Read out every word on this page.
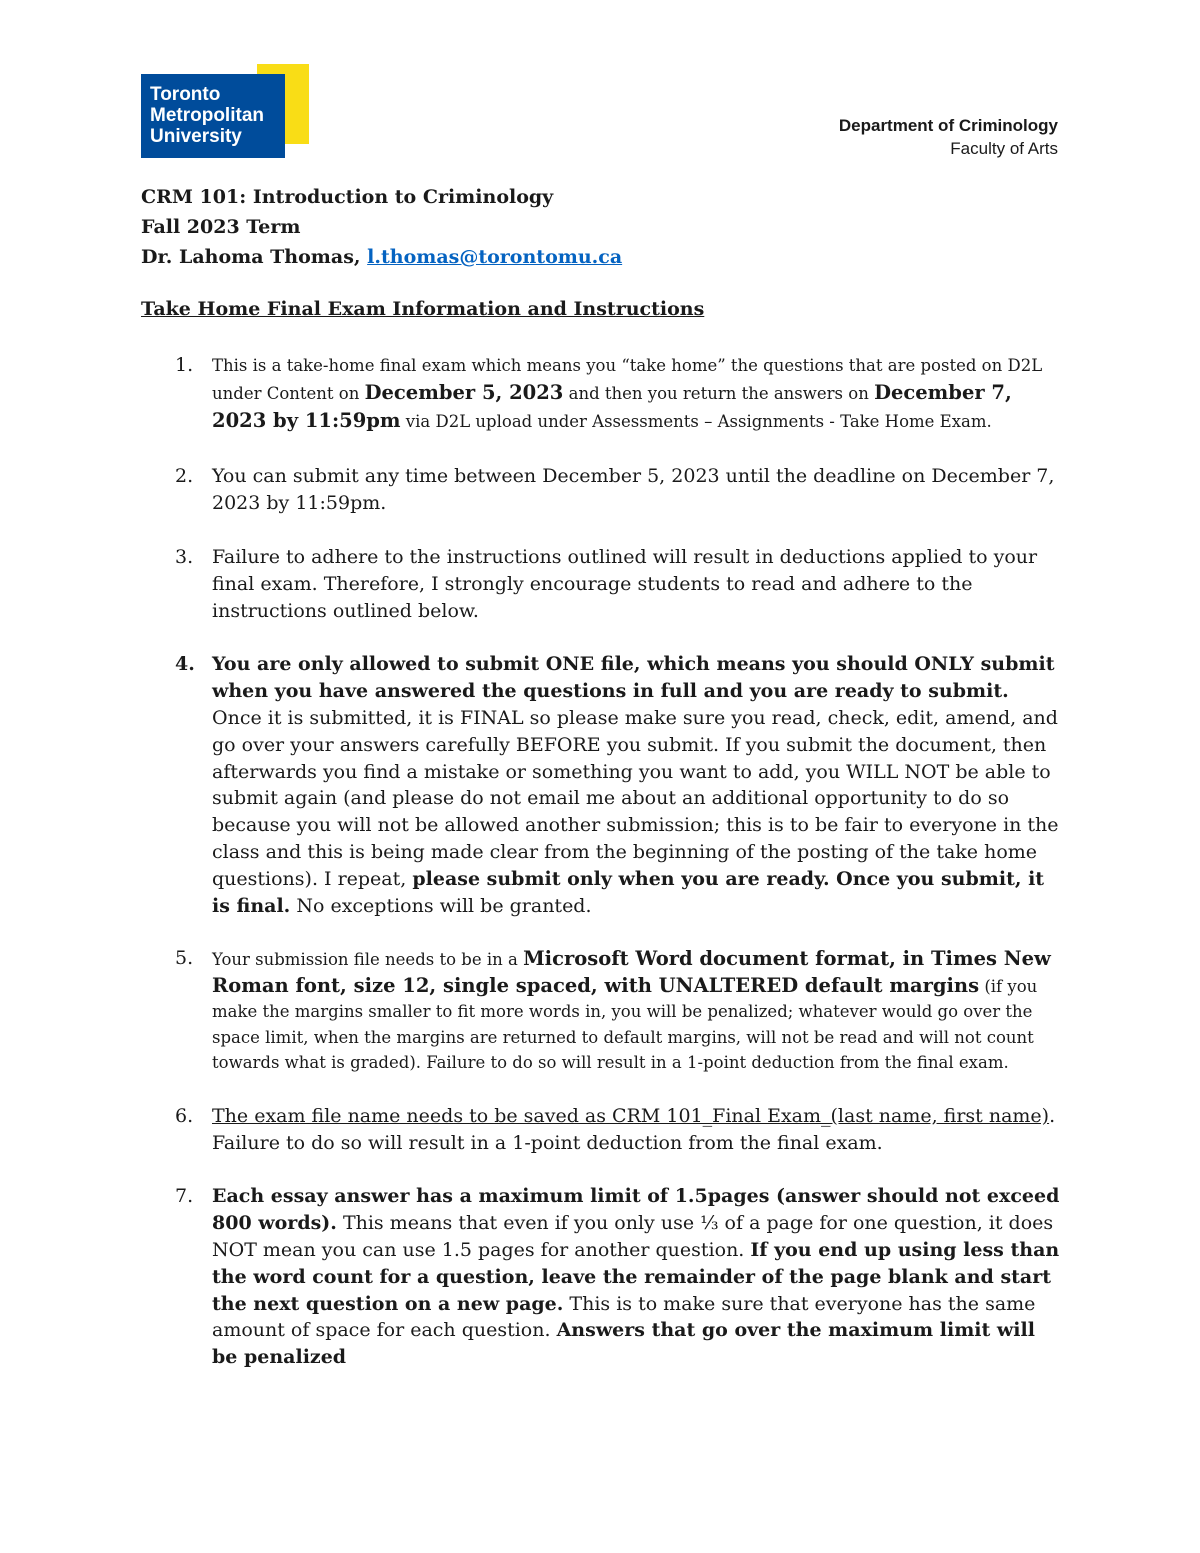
Toronto
Metropolitan
University
Department of Criminology
Faculty of Arts
CRM 101: Introduction to Criminology
Fall 2023 Term
Dr. Lahoma Thomas, l.thomas@torontomu.ca
Take Home Final Exam Information and Instructions
1. This is a take-home final exam which means you “take home” the questions that are posted on D2L under Content on December 5, 2023 and then you return the answers on December 7, 2023 by 11:59pm via D2L upload under Assessments – Assignments - Take Home Exam.
2. You can submit any time between December 5, 2023 until the deadline on December 7, 2023 by 11:59pm.
3. Failure to adhere to the instructions outlined will result in deductions applied to your final exam. Therefore, I strongly encourage students to read and adhere to the instructions outlined below.
4. You are only allowed to submit ONE file, which means you should ONLY submit when you have answered the questions in full and you are ready to submit. Once it is submitted, it is FINAL so please make sure you read, check, edit, amend, and go over your answers carefully BEFORE you submit. If you submit the document, then afterwards you find a mistake or something you want to add, you WILL NOT be able to submit again (and please do not email me about an additional opportunity to do so because you will not be allowed another submission; this is to be fair to everyone in the class and this is being made clear from the beginning of the posting of the take home questions). I repeat, please submit only when you are ready. Once you submit, it is final. No exceptions will be granted.
5. Your submission file needs to be in a Microsoft Word document format, in Times New Roman font, size 12, single spaced, with UNALTERED default margins (if you make the margins smaller to fit more words in, you will be penalized; whatever would go over the space limit, when the margins are returned to default margins, will not be read and will not count towards what is graded). Failure to do so will result in a 1-point deduction from the final exam.
6. The exam file name needs to be saved as CRM 101_Final Exam_(last name, first name). Failure to do so will result in a 1-point deduction from the final exam.
7. Each essay answer has a maximum limit of 1.5pages (answer should not exceed 800 words). This means that even if you only use ⅓ of a page for one question, it does NOT mean you can use 1.5 pages for another question. If you end up using less than the word count for a question, leave the remainder of the page blank and start the next question on a new page. This is to make sure that everyone has the same amount of space for each question. Answers that go over the maximum limit will be penalized
